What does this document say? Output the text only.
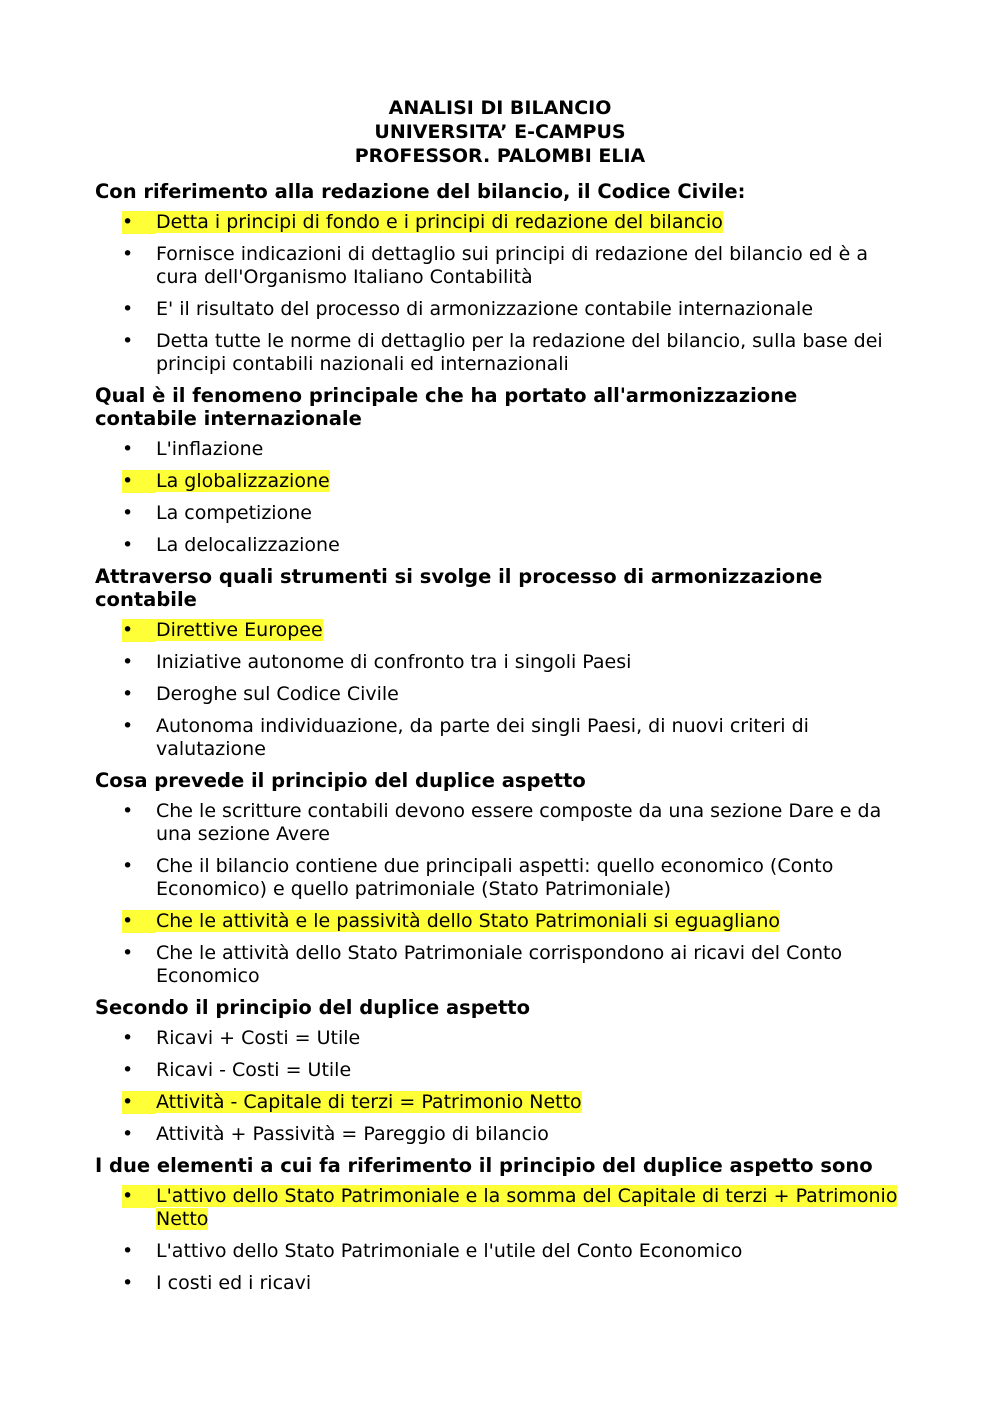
ANALISI DI BILANCIO
UNIVERSITA’ E-CAMPUS
PROFESSOR. PALOMBI ELIA

Con riferimento alla redazione del bilancio, il Codice Civile:

•	Detta i principi di fondo e i principi di redazione del bilancio
•	Fornisce indicazioni di dettaglio sui principi di redazione del bilancio ed è a cura dell'Organismo Italiano Contabilità
•	E' il risultato del processo di armonizzazione contabile internazionale
•	Detta tutte le norme di dettaglio per la redazione del bilancio, sulla base dei principi contabili nazionali ed internazionali

Qual è il fenomeno principale che ha portato all'armonizzazione contabile internazionale

•	L'inflazione
•	La globalizzazione
•	La competizione
•	La delocalizzazione

Attraverso quali strumenti si svolge il processo di armonizzazione contabile

•	Direttive Europee
•	Iniziative autonome di confronto tra i singoli Paesi
•	Deroghe sul Codice Civile
•	Autonoma individuazione, da parte dei singli Paesi, di nuovi criteri di valutazione

Cosa prevede il principio del duplice aspetto

•	Che le scritture contabili devono essere composte da una sezione Dare e da una sezione Avere
•	Che il bilancio contiene due principali aspetti: quello economico (Conto Economico) e quello patrimoniale (Stato Patrimoniale)
•	Che le attività e le passività dello Stato Patrimoniali si eguagliano
•	Che le attività dello Stato Patrimoniale corrispondono ai ricavi del Conto Economico

Secondo il principio del duplice aspetto

•	Ricavi + Costi = Utile
•	Ricavi - Costi = Utile
•	Attività - Capitale di terzi = Patrimonio Netto
•	Attività + Passività = Pareggio di bilancio

I due elementi a cui fa riferimento il principio del duplice aspetto sono

•	L'attivo dello Stato Patrimoniale e la somma del Capitale di terzi + Patrimonio Netto
•	L'attivo dello Stato Patrimoniale e l'utile del Conto Economico
•	I costi ed i ricavi
